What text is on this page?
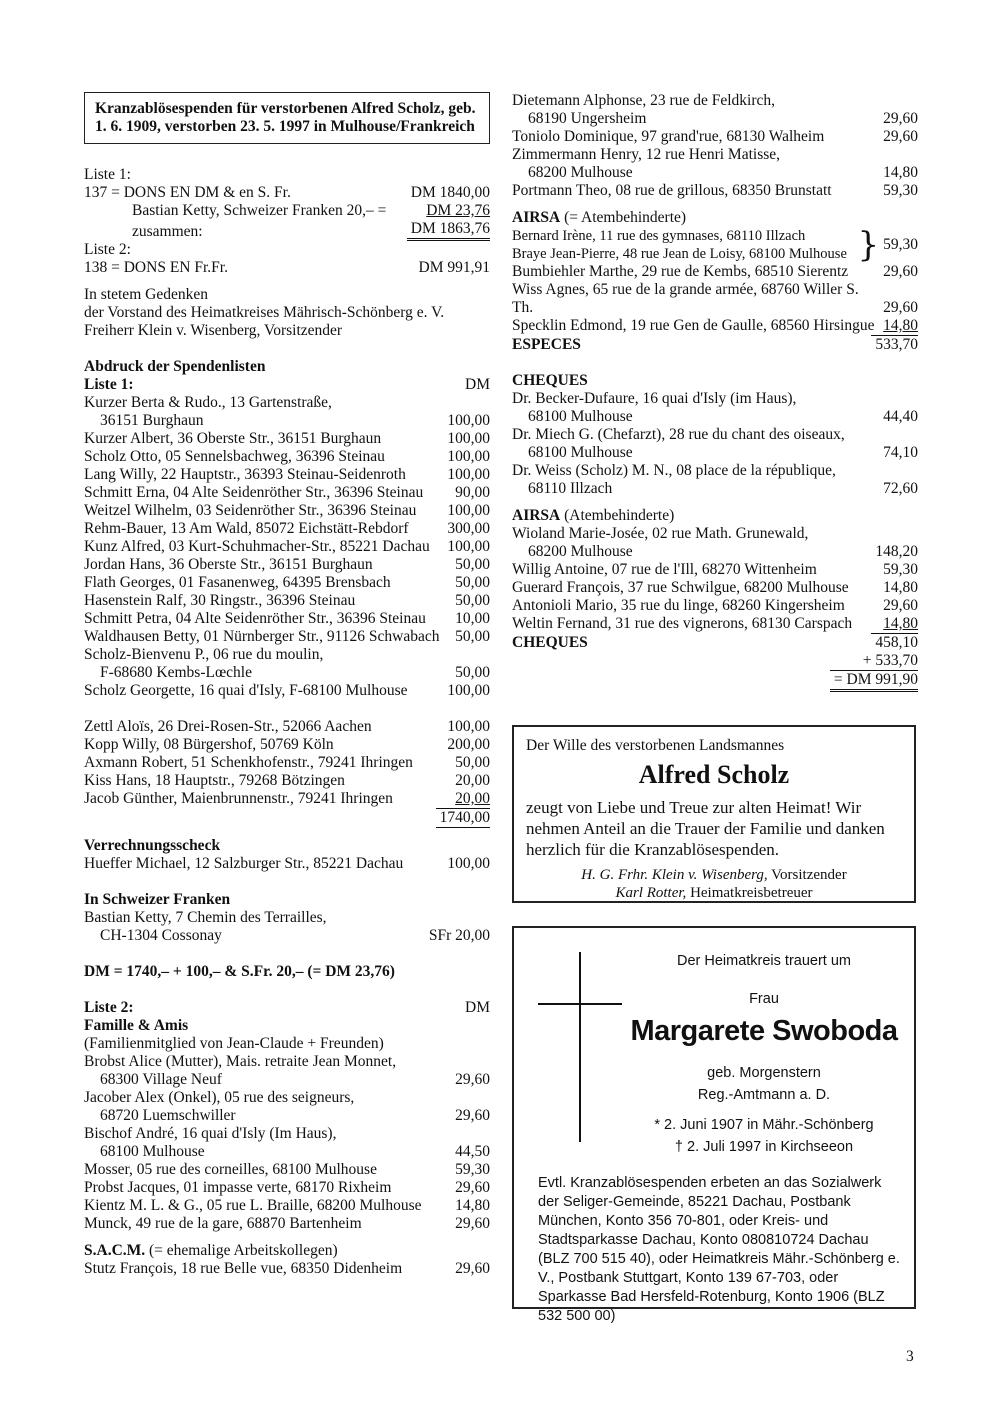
Kranzablösespenden für verstorbenen Alfred Scholz, geb. 1. 6. 1909, verstorben 23. 5. 1997 in Mulhouse/Frankreich
Liste 1:
137 = DONS EN DM & en S. Fr.	DM 1840,00
Bastian Ketty, Schweizer Franken 20,– =	DM 23,76
zusammen:	DM 1863,76
Liste 2:
138 = DONS EN Fr.Fr.	DM 991,91
In stetem Gedenken
der Vorstand des Heimatkreises Mährisch-Schönberg e. V.
Freiherr Klein v. Wisenberg, Vorsitzender
Abdruck der Spendenlisten
Liste 1:	DM
Kurzer Berta & Rudo., 13 Gartenstraße,
36151 Burghaun	100,00
Kurzer Albert, 36 Oberste Str., 36151 Burghaun	100,00
Scholz Otto, 05 Sennelsbachweg, 36396 Steinau	100,00
Lang Willy, 22 Hauptstr., 36393 Steinau-Seidenroth	100,00
Schmitt Erna, 04 Alte Seidenröther Str., 36396 Steinau	90,00
Weitzel Wilhelm, 03 Seidenröther Str., 36396 Steinau	100,00
Rehm-Bauer, 13 Am Wald, 85072 Eichstätt-Rebdorf	300,00
Kunz Alfred, 03 Kurt-Schuhmacher-Str., 85221 Dachau	100,00
Jordan Hans, 36 Oberste Str., 36151 Burghaun	50,00
Flath Georges, 01 Fasanenweg, 64395 Brensbach	50,00
Hasenstein Ralf, 30 Ringstr., 36396 Steinau	50,00
Schmitt Petra, 04 Alte Seidenröther Str., 36396 Steinau	10,00
Waldhausen Betty, 01 Nürnberger Str., 91126 Schwabach	50,00
Scholz-Bienvenu P., 06 rue du moulin,
F-68680 Kembs-Lœchle	50,00
Scholz Georgette, 16 quai d'Isly, F-68100 Mulhouse	100,00
Zettl Aloïs, 26 Drei-Rosen-Str., 52066 Aachen	100,00
Kopp Willy, 08 Bürgershof, 50769 Köln	200,00
Axmann Robert, 51 Schenkhofenstr., 79241 Ihringen	50,00
Kiss Hans, 18 Hauptstr., 79268 Bötzingen	20,00
Jacob Günther, Maienbrunnenstr., 79241 Ihringen	20,00
1740,00
Verrechnungsscheck
Hueffer Michael, 12 Salzburger Str., 85221 Dachau	100,00
In Schweizer Franken
Bastian Ketty, 7 Chemin des Terrailles,
CH-1304 Cossonay	SFr 20,00
DM = 1740,– + 100,– & S.Fr. 20,– (= DM 23,76)
Liste 2:	DM
Famille & Amis
(Familienmitglied von Jean-Claude + Freunden)
Brobst Alice (Mutter), Mais. retraite Jean Monnet,
68300 Village Neuf	29,60
Jacober Alex (Onkel), 05 rue des seigneurs,
68720 Luemschwiller	29,60
Bischof André, 16 quai d'Isly (Im Haus),
68100 Mulhouse	44,50
Mosser, 05 rue des corneilles, 68100 Mulhouse	59,30
Probst Jacques, 01 impasse verte, 68170 Rixheim	29,60
Kientz M. L. & G., 05 rue L. Braille, 68200 Mulhouse	14,80
Munck, 49 rue de la gare, 68870 Bartenheim	29,60
S.A.C.M. (= ehemalige Arbeitskollegen)
Stutz François, 18 rue Belle vue, 68350 Didenheim	29,60
Dietemann Alphonse, 23 rue de Feldkirch,
68190 Ungersheim	29,60
Toniolo Dominique, 97 grand'rue, 68130 Walheim	29,60
Zimmermann Henry, 12 rue Henri Matisse,
68200 Mulhouse	14,80
Portmann Theo, 08 rue de grillous, 68350 Brunstatt	59,30
AIRSA (= Atembehinderte)
Bernard Irène, 11 rue des gymnases, 68110 Illzach
Braye Jean-Pierre, 48 rue Jean de Loisy, 68100 Mulhouse } 59,30
Bumbiehler Marthe, 29 rue de Kembs, 68510 Sierentz	29,60
Wiss Agnes, 65 rue de la grande armée, 68760 Willer S. Th.	29,60
Specklin Edmond, 19 rue Gen de Gaulle, 68560 Hirsingue 14,80
ESPECES	533,70
CHEQUES
Dr. Becker-Dufaure, 16 quai d'Isly (im Haus),
68100 Mulhouse	44,40
Dr. Miech G. (Chefarzt), 28 rue du chant des oiseaux,
68100 Mulhouse	74,10
Dr. Weiss (Scholz) M. N., 08 place de la république,
68110 Illzach	72,60
AIRSA (Atembehinderte)
Wioland Marie-Josée, 02 rue Math. Grunewald,
68200 Mulhouse	148,20
Willig Antoine, 07 rue de l'Ill, 68270 Wittenheim	59,30
Guerard François, 37 rue Schwilgue, 68200 Mulhouse	14,80
Antonioli Mario, 35 rue du linge, 68260 Kingersheim	29,60
Weltin Fernand, 31 rue des vignerons, 68130 Carspach	14,80
CHEQUES	458,10
+ 533,70
= DM 991,90
Der Wille des verstorbenen Landsmannes
Alfred Scholz
zeugt von Liebe und Treue zur alten Heimat! Wir nehmen Anteil an die Trauer der Familie und danken herzlich für die Kranzablösespenden.
H. G. Frhr. Klein v. Wisenberg, Vorsitzender
Karl Rotter, Heimatkreisbetreuer
Der Heimatkreis trauert um
Frau
Margarete Swoboda
geb. Morgenstern
Reg.-Amtmann a. D.
* 2. Juni 1907 in Mähr.-Schönberg
† 2. Juli 1997 in Kirchseeon
Evtl. Kranzablösespenden erbeten an das Sozialwerk der Seliger-Gemeinde, 85221 Dachau, Postbank München, Konto 356 70-801, oder Kreis- und Stadtsparkasse Dachau, Konto 080810724 Dachau (BLZ 700 515 40), oder Heimatkreis Mähr.-Schönberg e. V., Postbank Stuttgart, Konto 139 67-703, oder Sparkasse Bad Hersfeld-Rotenburg, Konto 1906 (BLZ 532 500 00)
3
